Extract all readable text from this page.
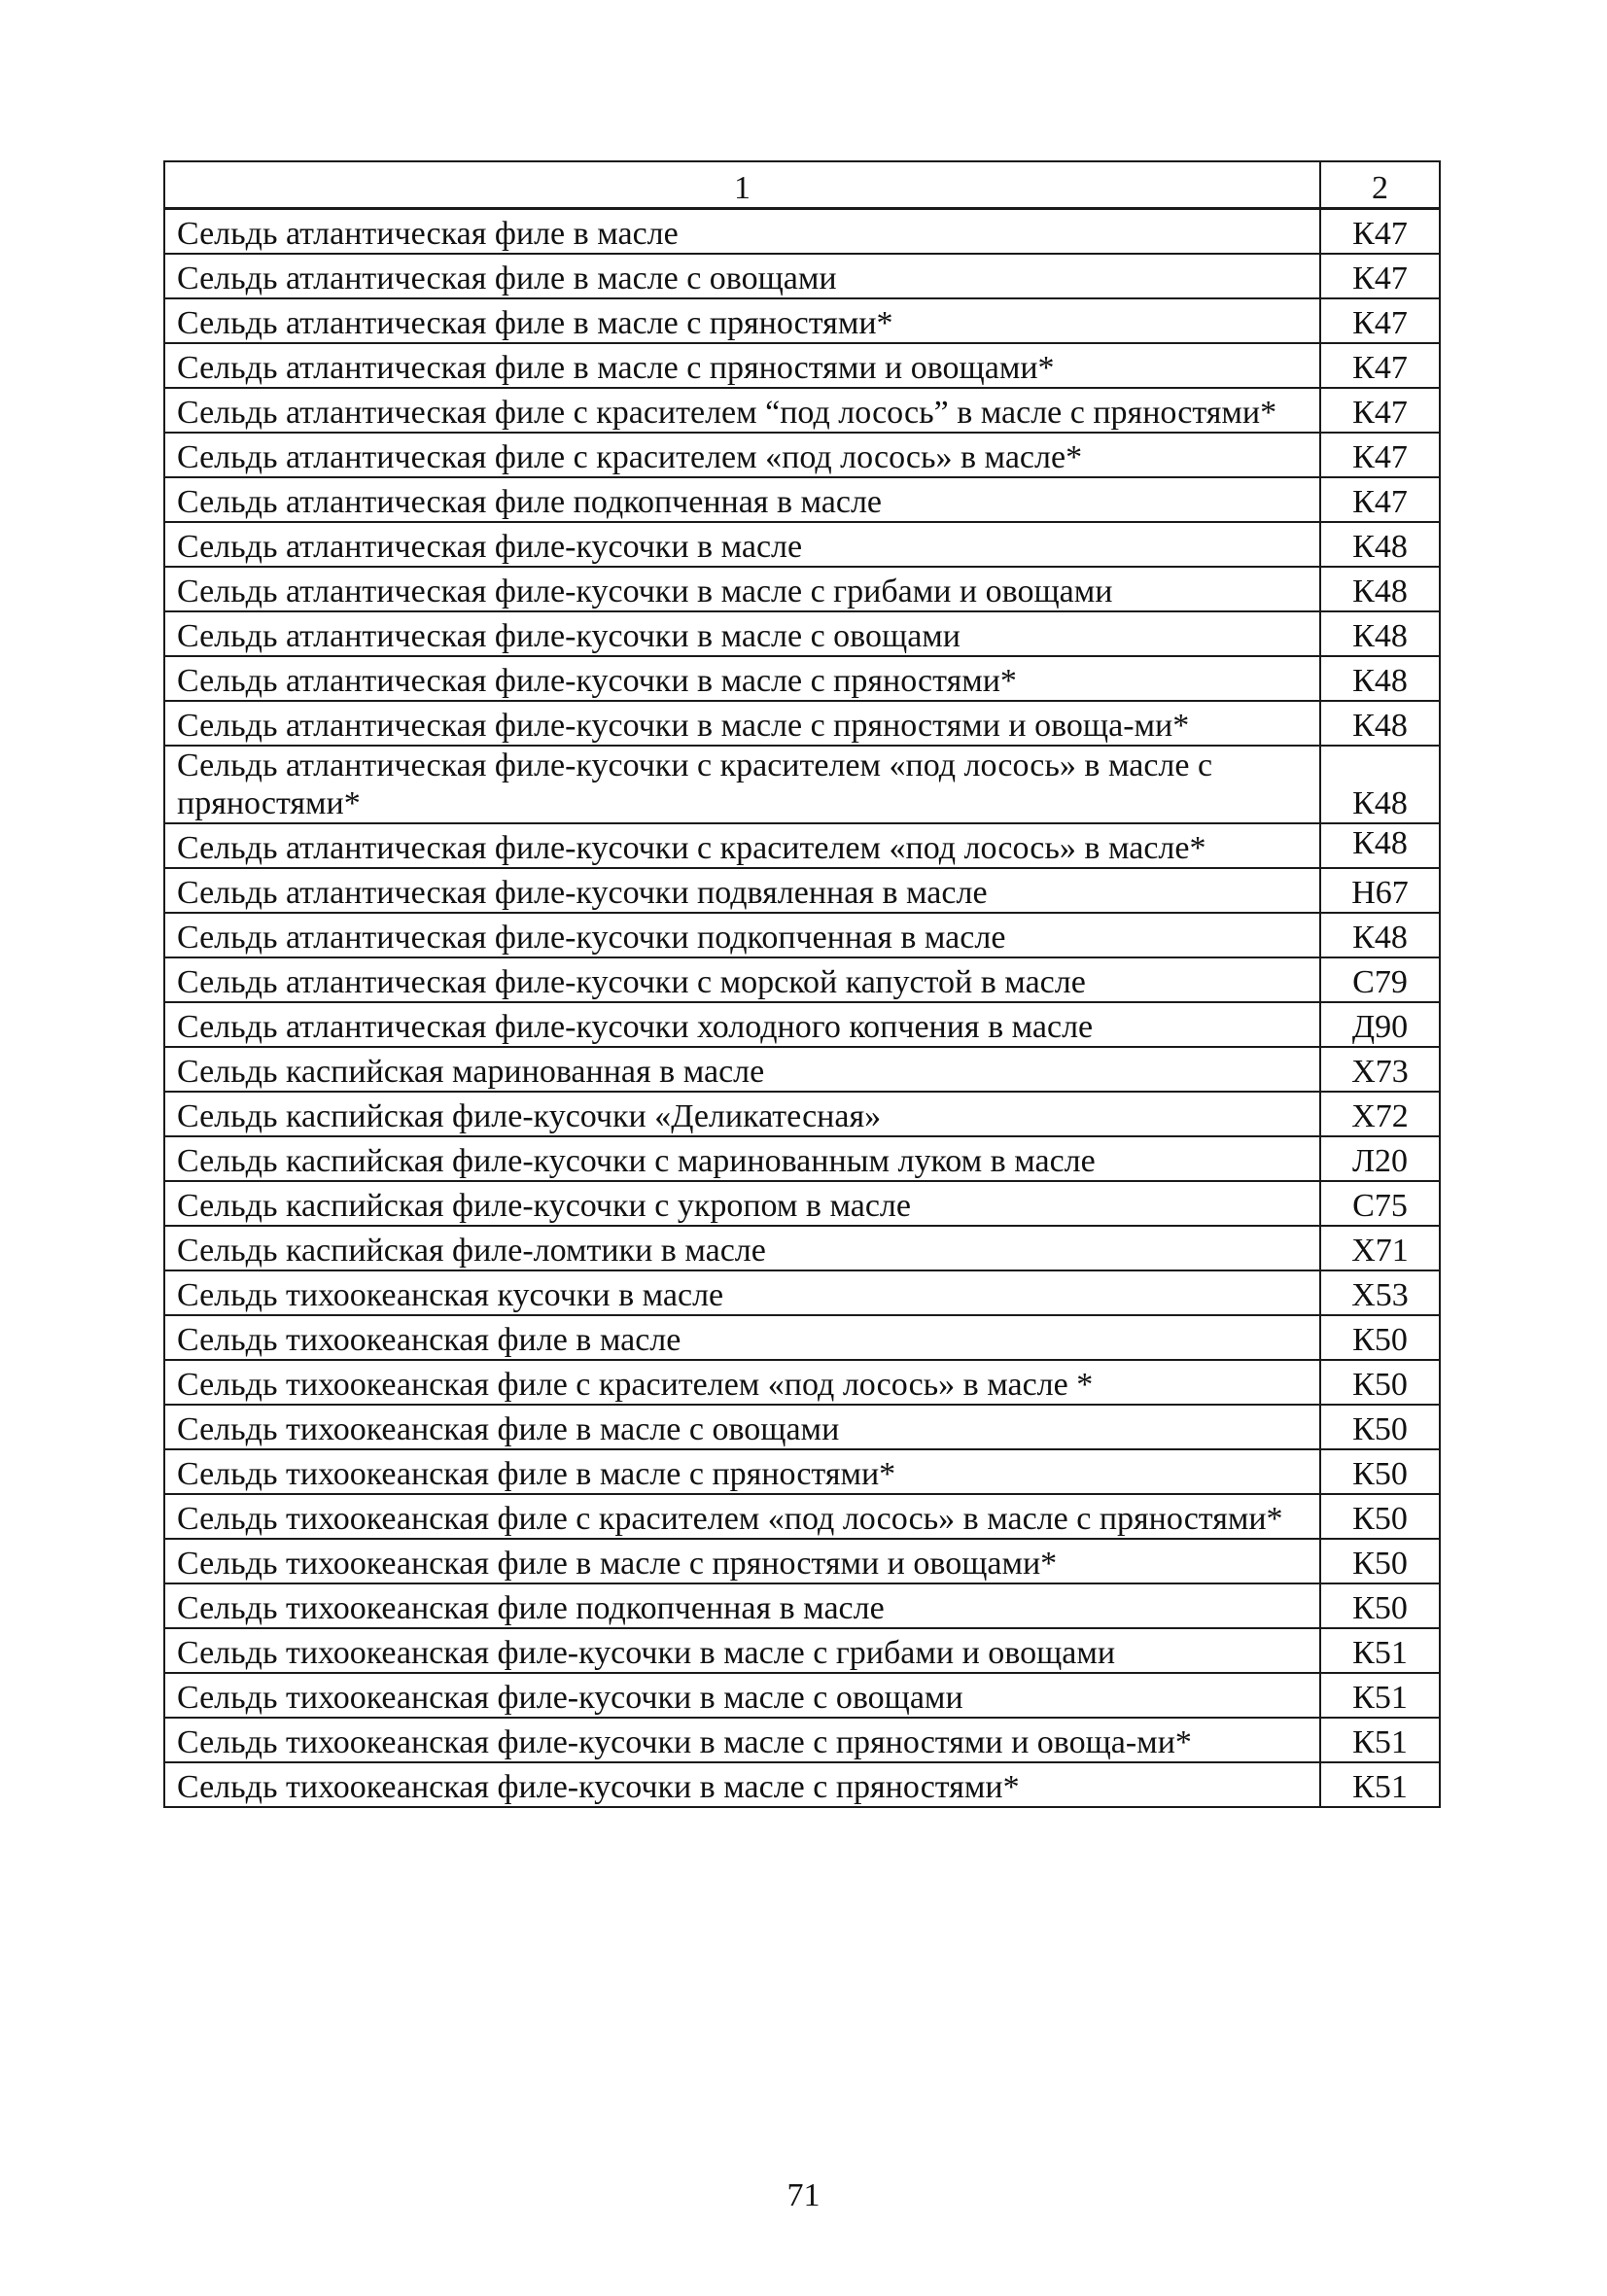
1	2
Сельдь атлантическая филе в масле	К47
Сельдь атлантическая филе в масле с овощами	К47
Сельдь атлантическая филе в масле с пряностями*	К47
Сельдь атлантическая филе в масле с пряностями и овощами*	К47
Сельдь атлантическая филе с красителем “под лосось” в масле с пряностями*	К47
Сельдь атлантическая филе с красителем «под лосось» в масле*	К47
Сельдь атлантическая филе подкопченная в масле	К47
Сельдь атлантическая филе-кусочки в масле	К48
Сельдь атлантическая филе-кусочки в масле с грибами и овощами	К48
Сельдь атлантическая филе-кусочки в масле с овощами	К48
Сельдь атлантическая филе-кусочки в масле с пряностями*	К48
Сельдь атлантическая филе-кусочки в масле с пряностями и овоща-ми*	К48
Сельдь атлантическая филе-кусочки с красителем «под лосось» в масле с пряностями*	К48
Сельдь атлантическая филе-кусочки с красителем «под лосось» в масле*	К48
Сельдь атлантическая филе-кусочки подвяленная в масле	Н67
Сельдь атлантическая филе-кусочки подкопченная в масле	К48
Сельдь атлантическая филе-кусочки с морской капустой в масле	С79
Сельдь атлантическая филе-кусочки холодного копчения в масле	Д90
Сельдь каспийская маринованная в масле	Х73
Сельдь каспийская филе-кусочки «Деликатесная»	Х72
Сельдь каспийская филе-кусочки с маринованным луком в масле	Л20
Сельдь каспийская филе-кусочки с укропом в масле	С75
Сельдь каспийская филе-ломтики в масле	Х71
Сельдь тихоокеанская кусочки в масле	Х53
Сельдь тихоокеанская филе в масле	К50
Сельдь тихоокеанская филе с красителем «под лосось» в масле *	К50
Сельдь тихоокеанская филе в масле с овощами	К50
Сельдь тихоокеанская филе в масле с пряностями*	К50
Сельдь тихоокеанская филе с красителем «под лосось» в масле с пряностями*	К50
Сельдь тихоокеанская филе в масле с пряностями и овощами*	К50
Сельдь тихоокеанская филе подкопченная в масле	К50
Сельдь тихоокеанская филе-кусочки в масле с грибами и овощами	К51
Сельдь тихоокеанская филе-кусочки в масле с овощами	К51
Сельдь тихоокеанская филе-кусочки в масле с пряностями и овоща-ми*	К51
Сельдь тихоокеанская филе-кусочки в масле с пряностями*	К51
71
